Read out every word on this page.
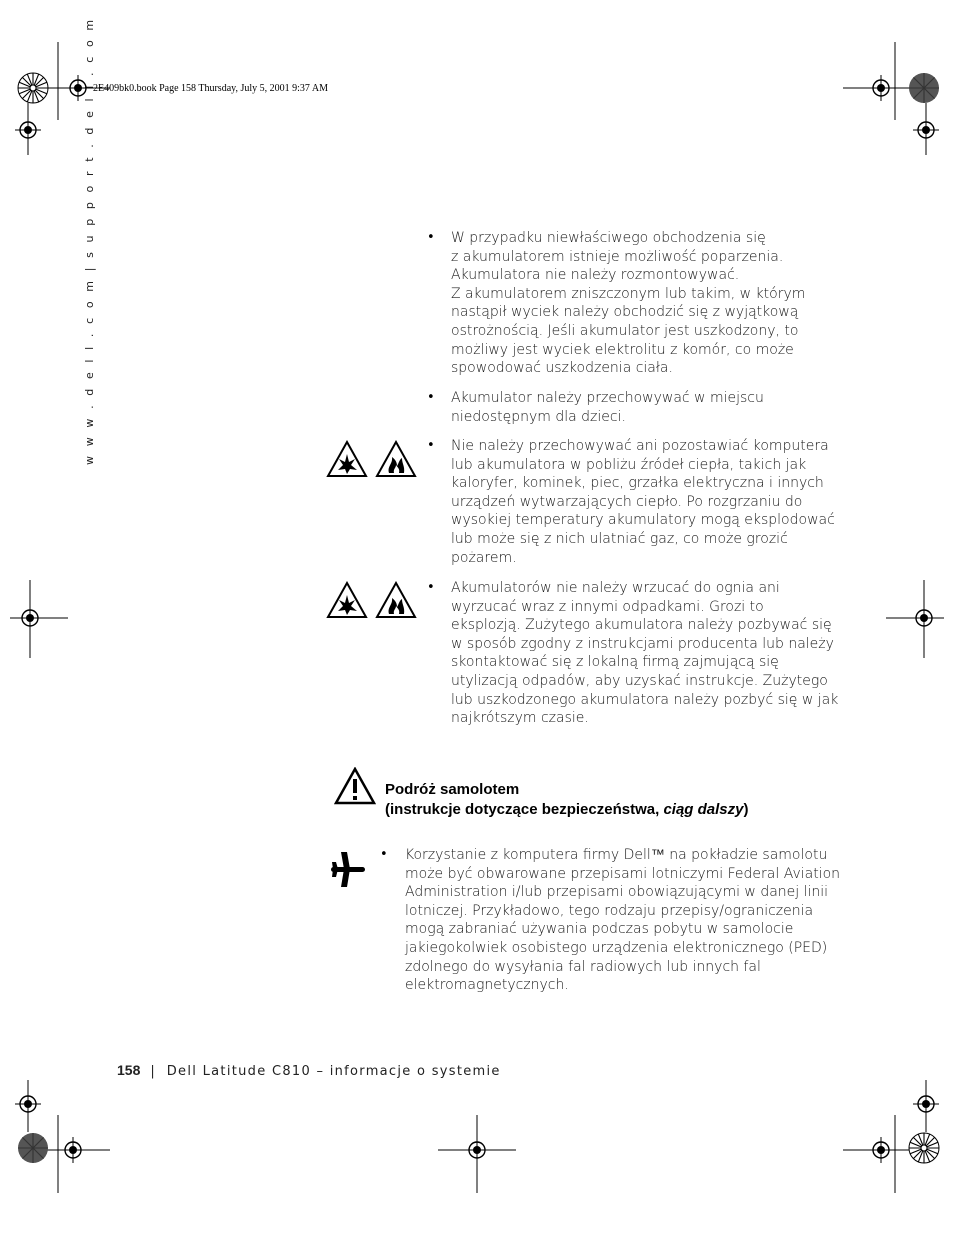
2E409bk0.book Page 158 Thursday, July 5, 2001 9:37 AM
w w w . d e l l . c o m | s u p p o r t . d e l l . c o m	• W przypadku niewłaściwego obchodzenia się
z akumulatorem istnieje możliwość poparzenia.
Akumulatora nie należy rozmontowywać.
Z akumulatorem zniszczonym lub takim, w którym
nastąpił wyciek należy obchodzić się z wyjątkową
ostrożnością. Jeśli akumulator jest uszkodzony, to
możliwy jest wyciek elektrolitu z komór, co może
spowodować uszkodzenia ciała.
• Akumulator należy przechowywać w miejscu
niedostępnym dla dzieci.
• Nie należy przechowywać ani pozostawiać komputera
lub akumulatora w pobliżu źródeł ciepła, takich jak
kaloryfer, kominek, piec, grzałka elektryczna i innych
urządzeń wytwarzających ciepło. Po rozgrzaniu do
wysokiej temperatury akumulatory mogą eksplodować
lub może się z nich ulatniać gaz, co może grozić
pożarem.
• Akumulatorów nie należy wrzucać do ognia ani
wyrzucać wraz z innymi odpadkami. Grozi to
eksplozją. Zużytego akumulatora należy pozbywać się
w sposób zgodny z instrukcjami producenta lub należy
skontaktować się z lokalną firmą zajmującą się
utylizacją odpadów, aby uzyskać instrukcje. Zużytego
lub uszkodzonego akumulatora należy pozbyć się w jak
najkrótszym czasie.
Podróż samolotem
(instrukcje dotyczące bezpieczeństwa, ciąg dalszy)
• Korzystanie z komputera firmy Dell™ na pokładzie samolotu
może być obwarowane przepisami lotniczymi Federal Aviation
Administration i/lub przepisami obowiązującymi w danej linii
lotniczej. Przykładowo, tego rodzaju przepisy/ograniczenia
mogą zabraniać używania podczas pobytu w samolocie
jakiegokolwiek osobistego urządzenia elektronicznego (PED)
zdolnego do wysyłania fal radiowych lub innych fal
elektromagnetycznych.
158 | Dell Latitude C810 – informacje o systemie
